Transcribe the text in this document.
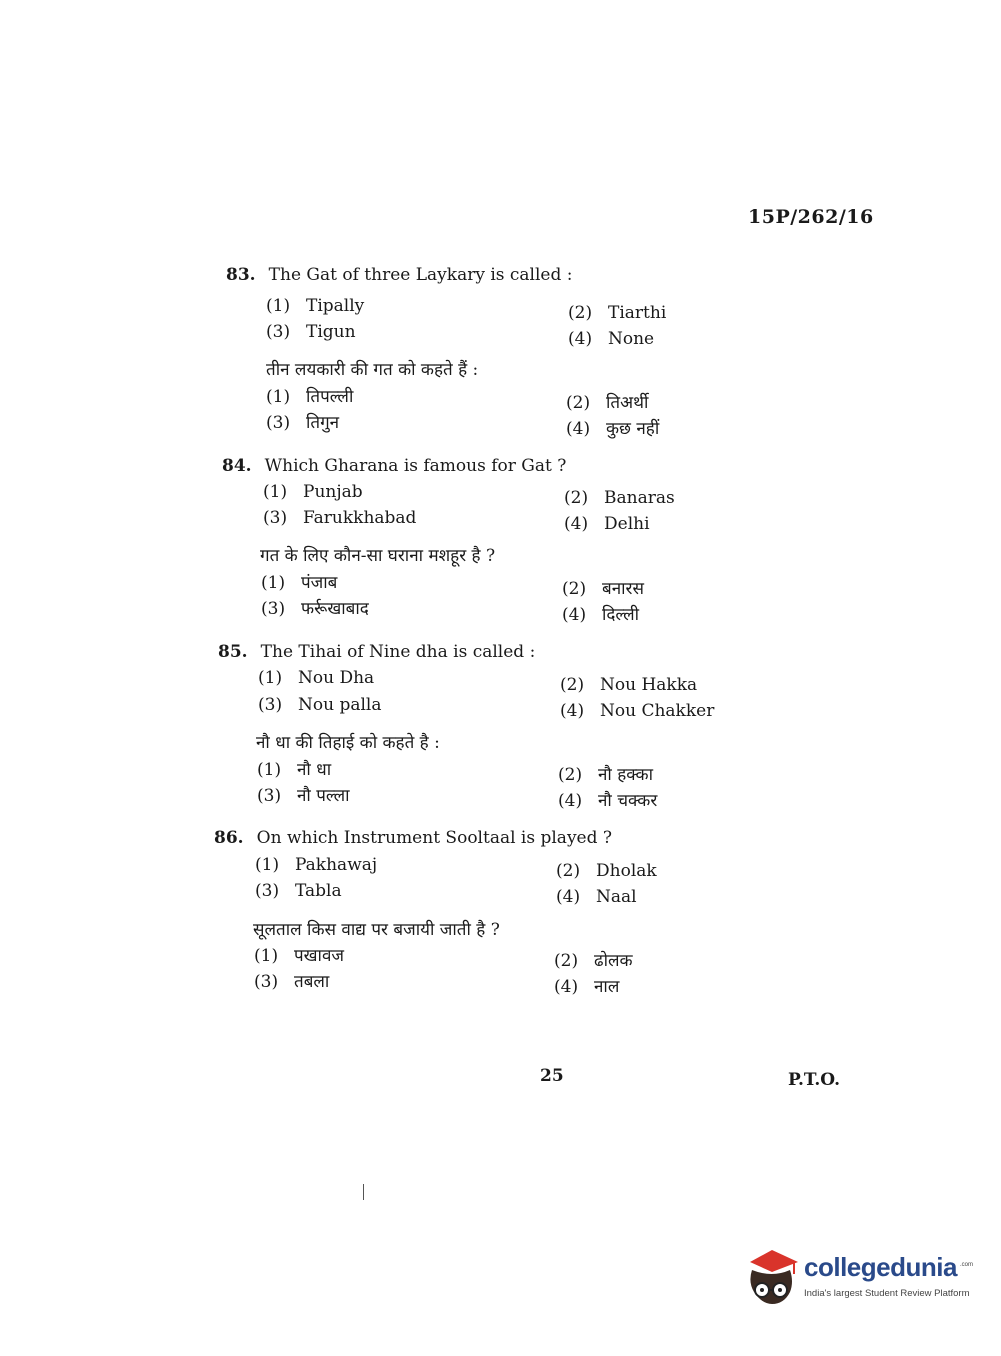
15P/262/16
83. The Gat of three Laykary is called :
(1) Tipally	(2) Tiarthi
(3) Tigun	(4) None
तीन लयकारी की गत को कहते हैं :
(1) तिपल्ली	(2) तिअर्थी
(3) तिगुन	(4) कुछ नहीं
84. Which Gharana is famous for Gat ?
(1) Punjab	(2) Banaras
(3) Farukkhabad	(4) Delhi
गत के लिए कौन-सा घराना मशहूर है ?
(1) पंजाब	(2) बनारस
(3) फर्रूखाबाद	(4) दिल्ली
85. The Tihai of Nine dha is called :
(1) Nou Dha	(2) Nou Hakka
(3) Nou palla	(4) Nou Chakker
नौ धा की तिहाई को कहते है :
(1) नौ धा	(2) नौ हक्का
(3) नौ पल्ला	(4) नौ चक्कर
86. On which Instrument Sooltaal is played ?
(1) Pakhawaj	(2) Dholak
(3) Tabla	(4) Naal
सूलताल किस वाद्य पर बजायी जाती है ?
(1) पखावज	(2) ढोलक
(3) तबला	(4) नाल
25	P.T.O.
collegedunia .com
India's largest Student Review Platform
